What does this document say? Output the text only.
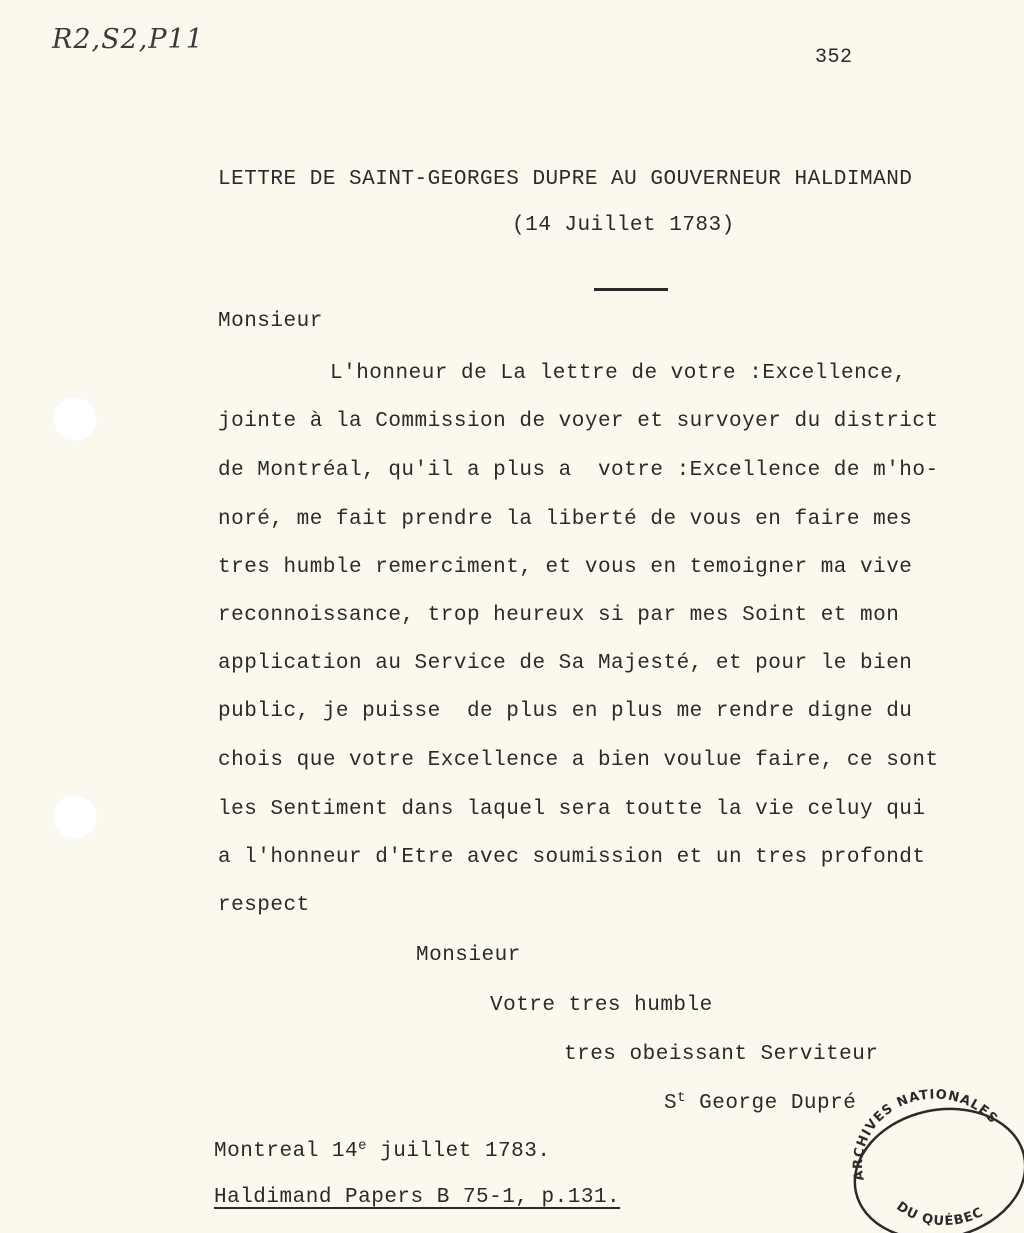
R2,S2,P11
352
LETTRE DE SAINT-GEORGES DUPRE AU GOUVERNEUR HALDIMAND
(14 Juillet 1783)
Monsieur
L'honneur de La lettre de votre :Excellence,
jointe à la Commission de voyer et survoyer du district
de Montréal, qu'il a plus a  votre :Excellence de m'ho-
noré, me fait prendre la liberté de vous en faire mes
tres humble remerciment, et vous en temoigner ma vive
reconnoissance, trop heureux si par mes Soint et mon
application au Service de Sa Majesté, et pour le bien
public, je puisse  de plus en plus me rendre digne du
chois que votre Excellence a bien voulue faire, ce sont
les Sentiment dans laquel sera toutte la vie celuy qui
a l'honneur d'Etre avec soumission et un tres profondt
respect
Monsieur
Votre tres humble
tres obeissant Serviteur
$S^t$ George Dupré
Montreal 14e juillet 1783.
Haldimand Papers B 75-1, p.131.
ARCHIVES NATIONALES
DU QUÉBEC
